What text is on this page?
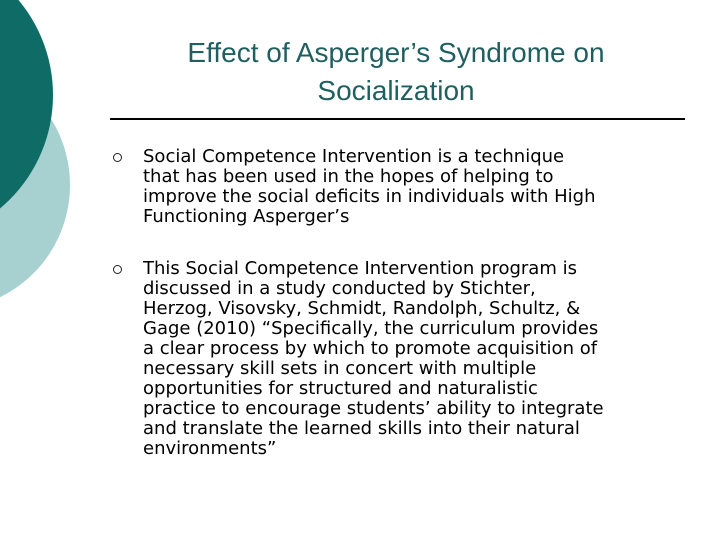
Effect of Asperger’s Syndrome on
Socialization
Social Competence Intervention is a technique
that has been used in the hopes of helping to
improve the social deficits in individuals with High
Functioning Asperger’s
This Social Competence Intervention program is
discussed in a study conducted by Stichter,
Herzog, Visovsky, Schmidt, Randolph, Schultz, &
Gage (2010) “Specifically, the curriculum provides
a clear process by which to promote acquisition of
necessary skill sets in concert with multiple
opportunities for structured and naturalistic
practice to encourage students’ ability to integrate
and translate the learned skills into their natural
environments”
